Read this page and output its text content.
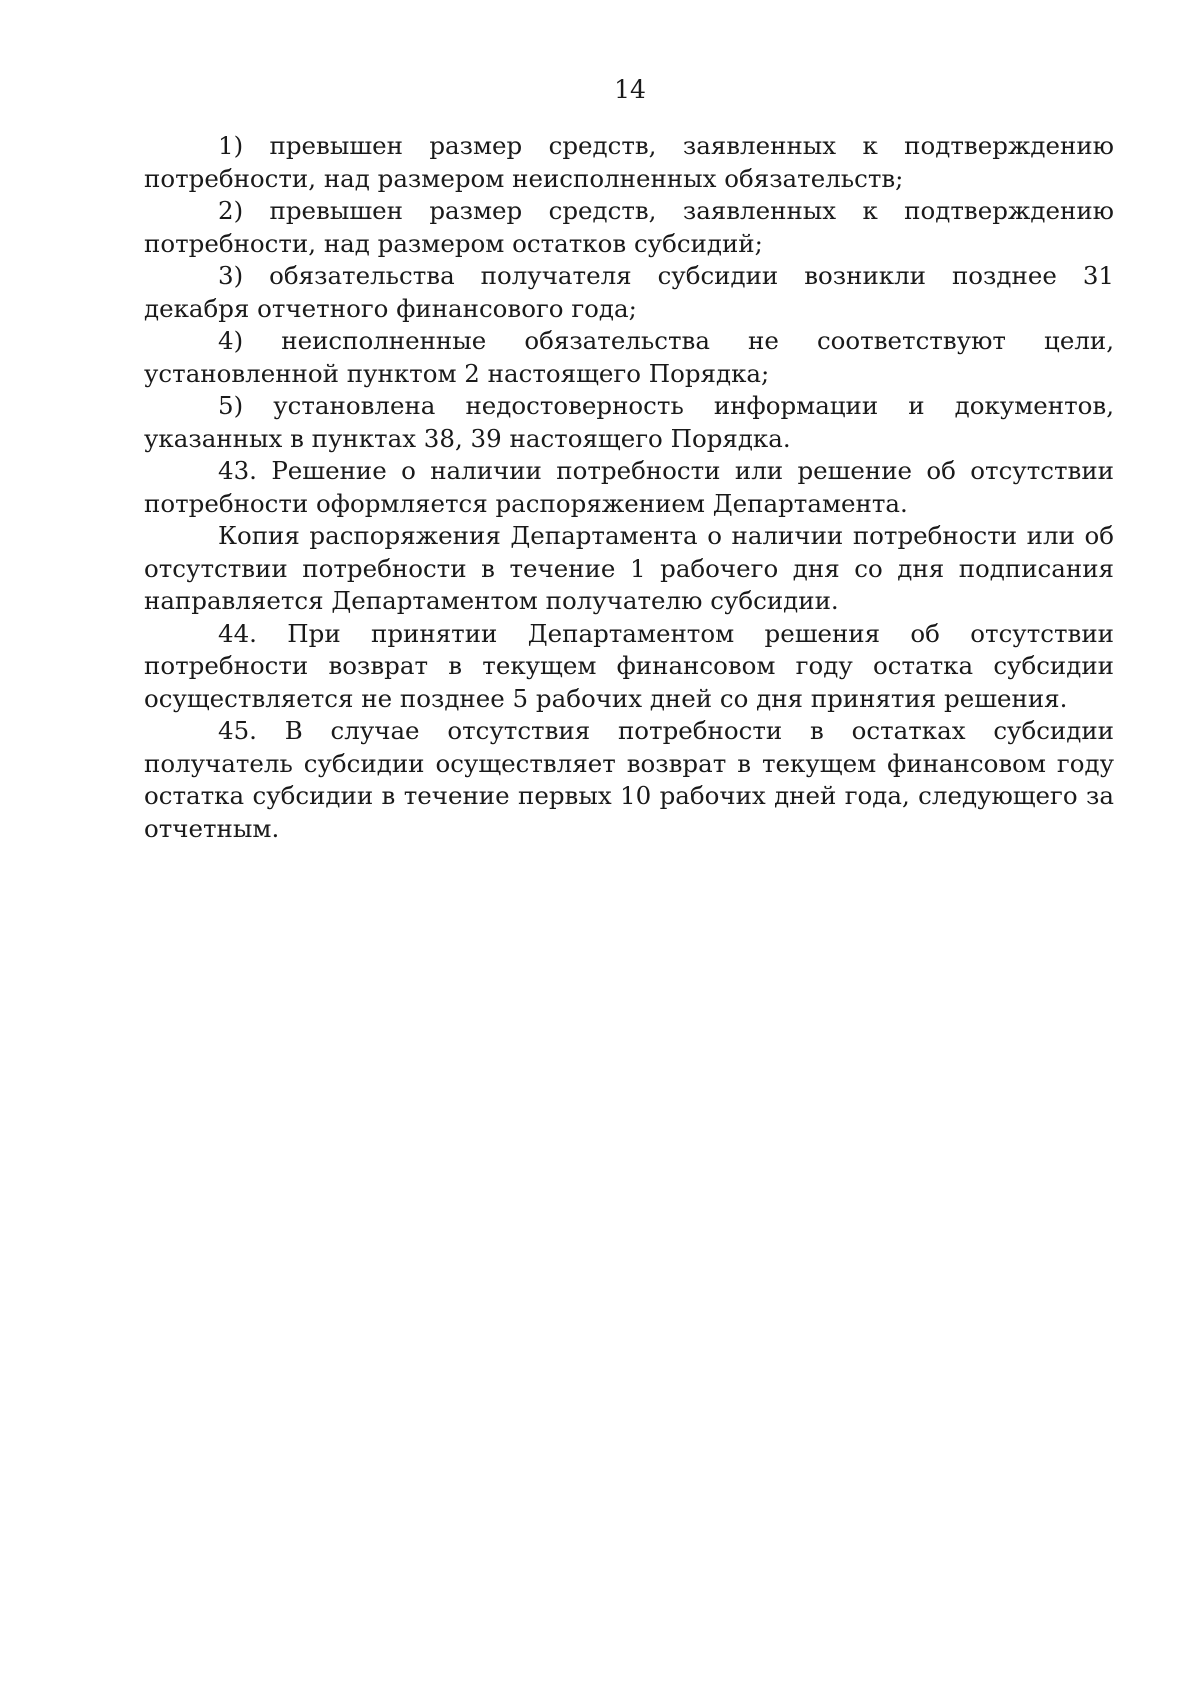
14

1) превышен размер средств, заявленных к подтверждению потребности, над размером неисполненных обязательств;

2) превышен размер средств, заявленных к подтверждению потребности, над размером остатков субсидий;

3) обязательства получателя субсидии возникли позднее 31 декабря отчетного финансового года;

4) неисполненные обязательства не соответствуют цели, установленной пунктом 2 настоящего Порядка;

5) установлена недостоверность информации и документов, указанных в пунктах 38, 39 настоящего Порядка.

43. Решение о наличии потребности или решение об отсутствии потребности оформляется распоряжением Департамента.

Копия распоряжения Департамента о наличии потребности или об отсутствии потребности в течение 1 рабочего дня со дня подписания направляется Департаментом получателю субсидии.

44. При принятии Департаментом решения об отсутствии потребности возврат в текущем финансовом году остатка субсидии осуществляется не позднее 5 рабочих дней со дня принятия решения.

45. В случае отсутствия потребности в остатках субсидии получатель субсидии осуществляет возврат в текущем финансовом году остатка субсидии в течение первых 10 рабочих дней года, следующего за отчетным.
